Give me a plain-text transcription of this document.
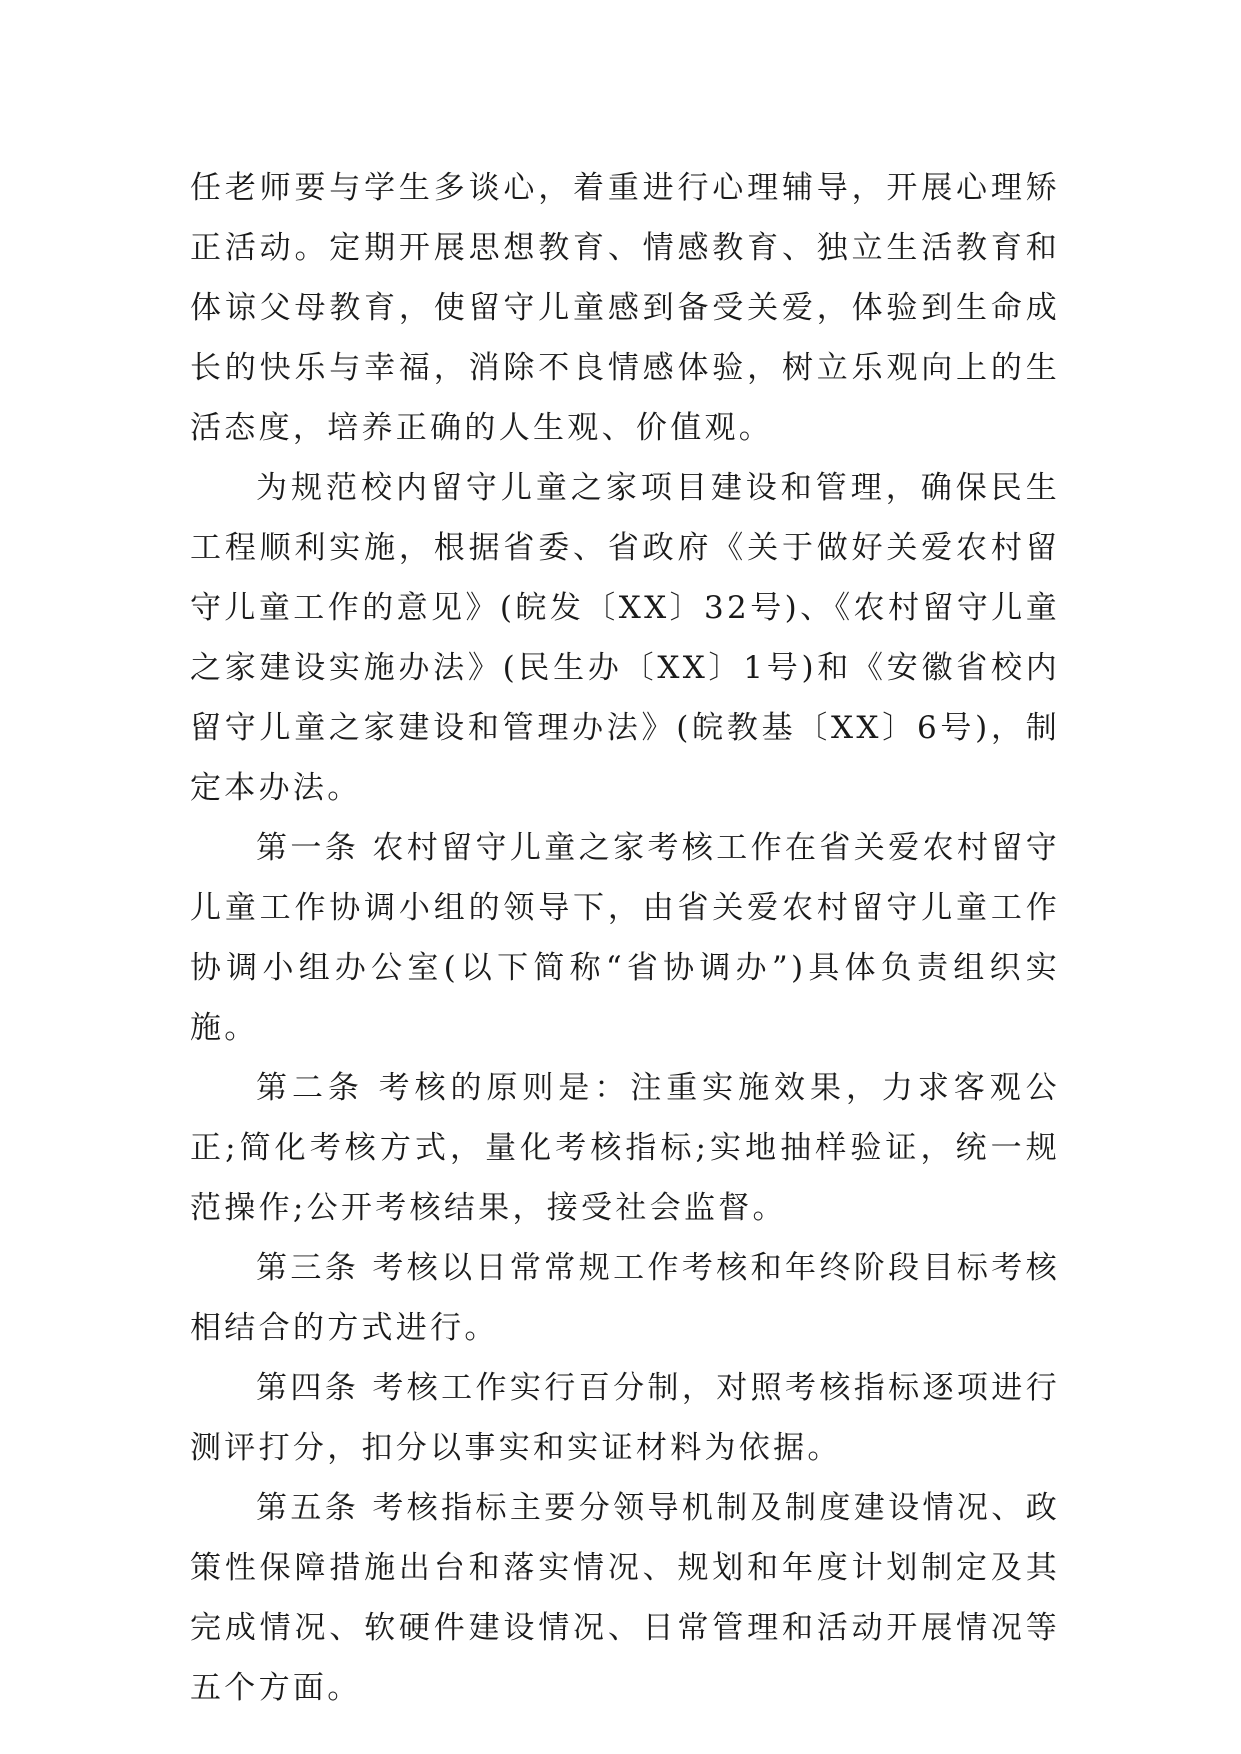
任老师要与学生多谈心，着重进行心理辅导，开展心理矫正活动。定期开展思想教育、情感教育、独立生活教育和体谅父母教育，使留守儿童感到备受关爱，体验到生命成长的快乐与幸福，消除不良情感体验，树立乐观向上的生活态度，培养正确的人生观、价值观。

为规范校内留守儿童之家项目建设和管理，确保民生工程顺利实施，根据省委、省政府《关于做好关爱农村留守儿童工作的意见》(皖发〔XX〕32号)、《农村留守儿童之家建设实施办法》(民生办〔XX〕1号)和《安徽省校内留守儿童之家建设和管理办法》(皖教基〔XX〕6号)，制定本办法。

第一条 农村留守儿童之家考核工作在省关爱农村留守儿童工作协调小组的领导下，由省关爱农村留守儿童工作协调小组办公室(以下简称“省协调办”)具体负责组织实施。

第二条 考核的原则是：注重实施效果，力求客观公正;简化考核方式，量化考核指标;实地抽样验证，统一规范操作;公开考核结果，接受社会监督。

第三条 考核以日常常规工作考核和年终阶段目标考核相结合的方式进行。

第四条 考核工作实行百分制，对照考核指标逐项进行测评打分，扣分以事实和实证材料为依据。

第五条 考核指标主要分领导机制及制度建设情况、政策性保障措施出台和落实情况、规划和年度计划制定及其完成情况、软硬件建设情况、日常管理和活动开展情况等五个方面。
